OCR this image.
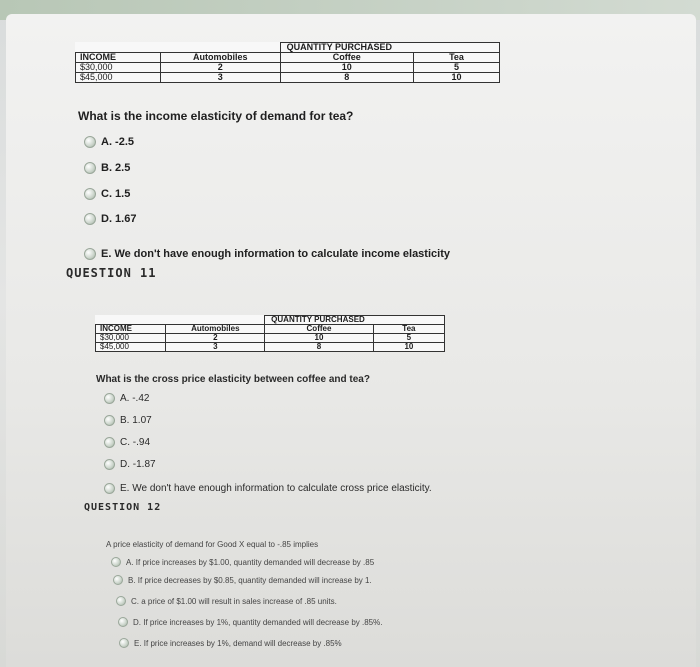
		QUANTITY PURCHASED	
INCOME	Automobiles	Coffee	Tea
$30,000	2	10	5
$45,000	3	8	10
What is the income elasticity of demand for tea?
A. -2.5
B. 2.5
C. 1.5
D. 1.67
E. We don't have enough information to calculate income elasticity
QUESTION 11
		QUANTITY PURCHASED	
INCOME	Automobiles	Coffee	Tea
$30,000	2	10	5
$45,000	3	8	10
What is the cross price elasticity between coffee and tea?
A. -.42
B. 1.07
C. -.94
D. -1.87
E. We don't have enough information to calculate cross price elasticity.
QUESTION 12
A price elasticity of demand for Good X equal to -.85 implies
A. If price increases by $1.00, quantity demanded will decrease by .85
B. If price decreases by $0.85, quantity demanded will increase by 1.
C. a price of $1.00 will result in sales increase of .85 units.
D. If price increases by 1%, quantity demanded will decrease by .85%.
E. If price increases by 1%, demand will decrease by .85%
